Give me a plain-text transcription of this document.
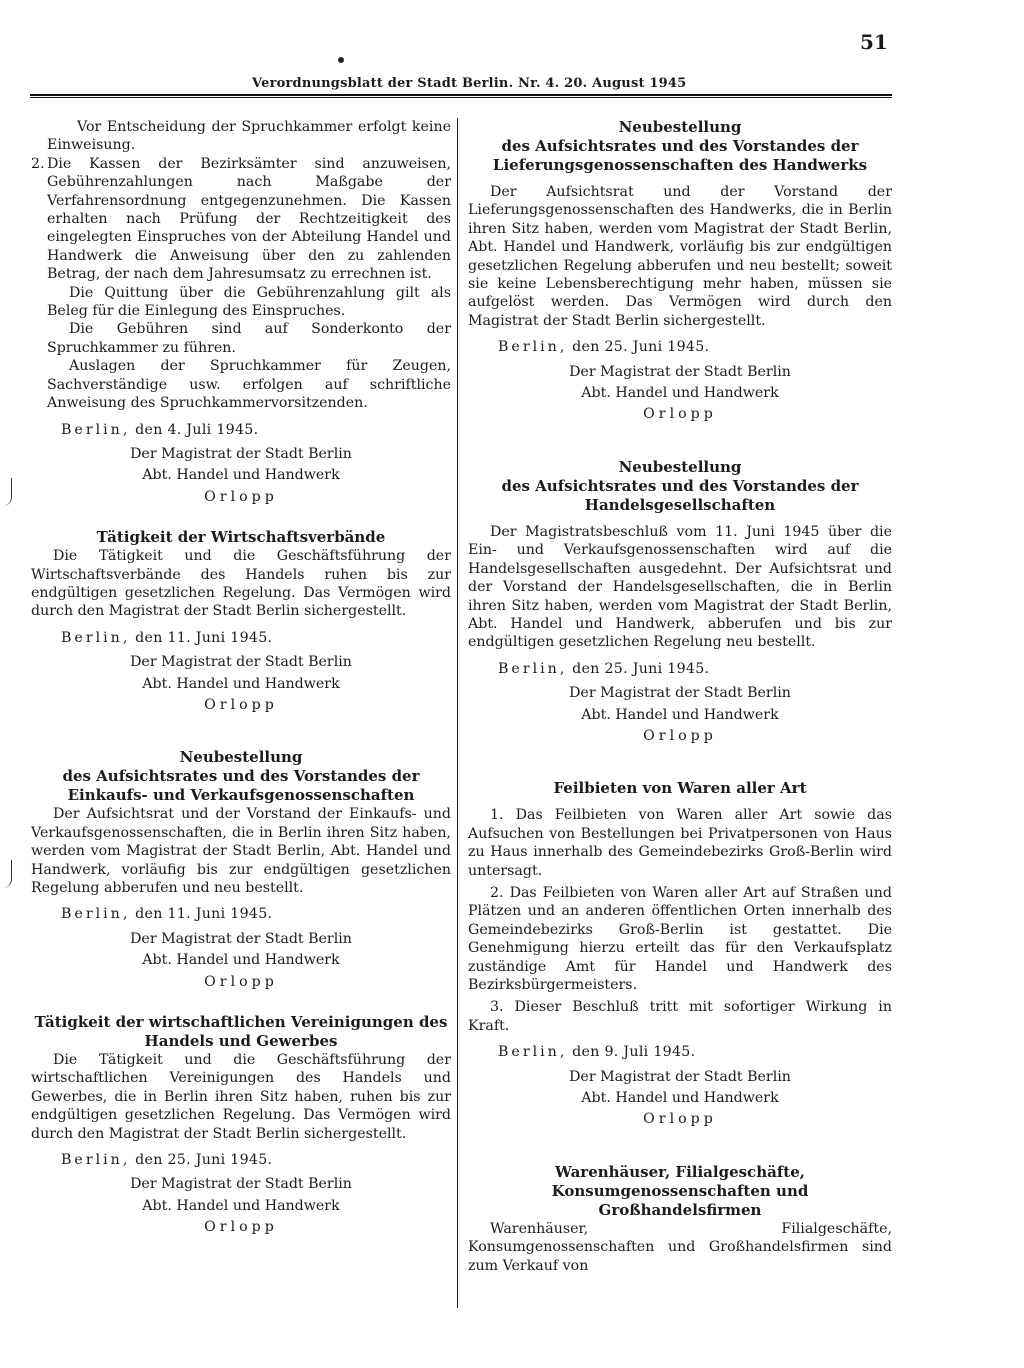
51
Verordnungsblatt der Stadt Berlin. Nr. 4. 20. August 1945

Vor Entscheidung der Spruchkammer erfolgt keine Einweisung.

2. Die Kassen der Bezirksämter sind anzuweisen, Gebührenzahlungen nach Maßgabe der Verfahrensordnung entgegenzunehmen. Die Kassen erhalten nach Prüfung der Rechtzeitigkeit des eingelegten Einspruches von der Abteilung Handel und Handwerk die Anweisung über den zu zahlenden Betrag, der nach dem Jahresumsatz zu errechnen ist.

Die Quittung über die Gebührenzahlung gilt als Beleg für die Einlegung des Einspruches.

Die Gebühren sind auf Sonderkonto der Spruchkammer zu führen.

Auslagen der Spruchkammer für Zeugen, Sachverständige usw. erfolgen auf schriftliche Anweisung des Spruchkammervorsitzenden.

Berlin, den 4. Juli 1945.

Der Magistrat der Stadt Berlin

Abt. Handel und Handwerk

Orlopp

Tätigkeit der Wirtschaftsverbände

Die Tätigkeit und die Geschäftsführung der Wirtschaftsverbände des Handels ruhen bis zur endgültigen gesetzlichen Regelung. Das Vermögen wird durch den Magistrat der Stadt Berlin sichergestellt.

Berlin, den 11. Juni 1945.

Der Magistrat der Stadt Berlin

Abt. Handel und Handwerk

Orlopp

Neubestellung

des Aufsichtsrates und des Vorstandes der Einkaufs- und Verkaufsgenossenschaften

Der Aufsichtsrat und der Vorstand der Einkaufs- und Verkaufsgenossenschaften, die in Berlin ihren Sitz haben, werden vom Magistrat der Stadt Berlin, Abt. Handel und Handwerk, vorläufig bis zur endgültigen gesetzlichen Regelung abberufen und neu bestellt.

Berlin, den 11. Juni 1945.

Der Magistrat der Stadt Berlin

Abt. Handel und Handwerk

Orlopp

Tätigkeit der wirtschaftlichen Vereinigungen des Handels und Gewerbes

Die Tätigkeit und die Geschäftsführung der wirtschaftlichen Vereinigungen des Handels und Gewerbes, die in Berlin ihren Sitz haben, ruhen bis zur endgültigen gesetzlichen Regelung. Das Vermögen wird durch den Magistrat der Stadt Berlin sichergestellt.

Berlin, den 25. Juni 1945.

Der Magistrat der Stadt Berlin

Abt. Handel und Handwerk

Orlopp

Neubestellung

des Aufsichtsrates und des Vorstandes der Lieferungsgenossenschaften des Handwerks

Der Aufsichtsrat und der Vorstand der Lieferungsgenossenschaften des Handwerks, die in Berlin ihren Sitz haben, werden vom Magistrat der Stadt Berlin, Abt. Handel und Handwerk, vorläufig bis zur endgültigen gesetzlichen Regelung abberufen und neu bestellt; soweit sie keine Lebensberechtigung mehr haben, müssen sie aufgelöst werden. Das Vermögen wird durch den Magistrat der Stadt Berlin sichergestellt.

Berlin, den 25. Juni 1945.

Der Magistrat der Stadt Berlin

Abt. Handel und Handwerk

Orlopp

Neubestellung

des Aufsichtsrates und des Vorstandes der Handelsgesellschaften

Der Magistratsbeschluß vom 11. Juni 1945 über die Ein- und Verkaufsgenossenschaften wird auf die Handelsgesellschaften ausgedehnt. Der Aufsichtsrat und der Vorstand der Handelsgesellschaften, die in Berlin ihren Sitz haben, werden vom Magistrat der Stadt Berlin, Abt. Handel und Handwerk, abberufen und bis zur endgültigen gesetzlichen Regelung neu bestellt.

Berlin, den 25. Juni 1945.

Der Magistrat der Stadt Berlin

Abt. Handel und Handwerk

Orlopp

Feilbieten von Waren aller Art

1. Das Feilbieten von Waren aller Art sowie das Aufsuchen von Bestellungen bei Privatpersonen von Haus zu Haus innerhalb des Gemeindebezirks Groß-Berlin wird untersagt.

2. Das Feilbieten von Waren aller Art auf Straßen und Plätzen und an anderen öffentlichen Orten innerhalb des Gemeindebezirks Groß-Berlin ist gestattet. Die Genehmigung hierzu erteilt das für den Verkaufsplatz zuständige Amt für Handel und Handwerk des Bezirksbürgermeisters.

3. Dieser Beschluß tritt mit sofortiger Wirkung in Kraft.

Berlin, den 9. Juli 1945.

Der Magistrat der Stadt Berlin

Abt. Handel und Handwerk

Orlopp

Warenhäuser, Filialgeschäfte, Konsumgenossenschaften und Großhandelsfirmen

Warenhäuser, Filialgeschäfte, Konsumgenossenschaften und Großhandelsfirmen sind zum Verkauf von
